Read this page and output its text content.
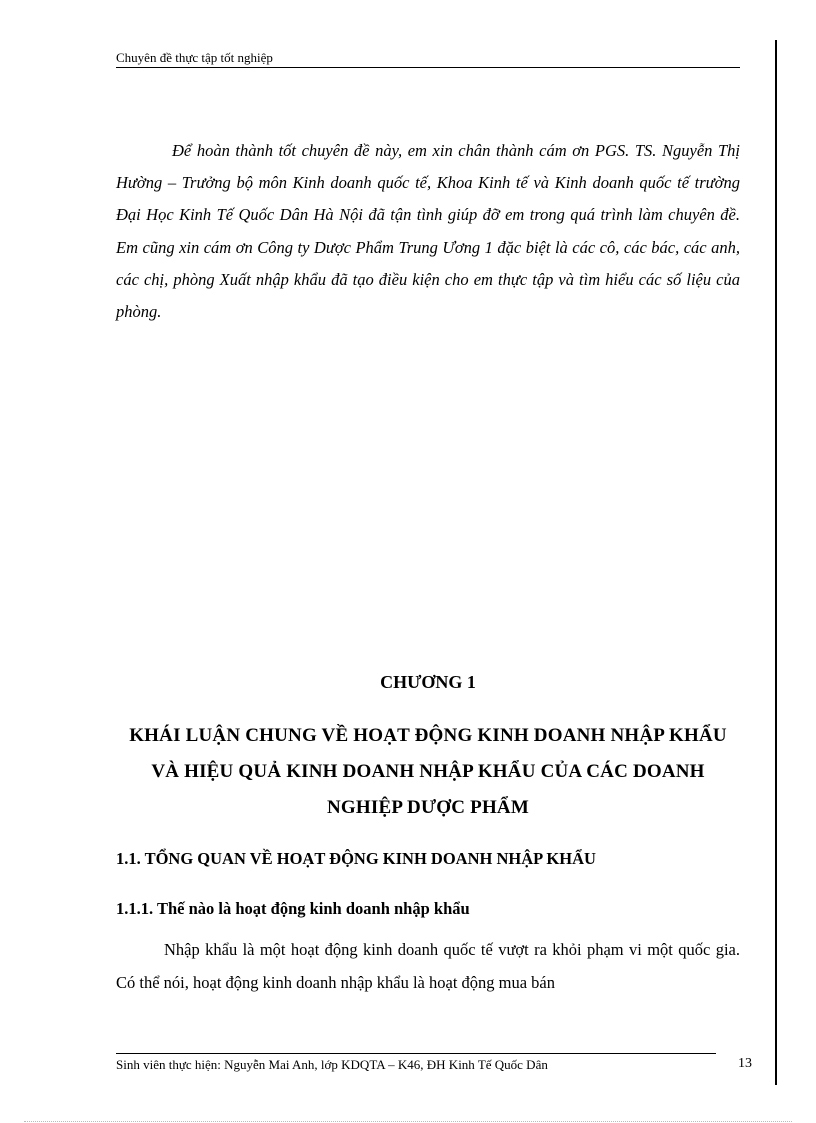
Chuyên đề thực tập tốt nghiệp

Để hoàn thành tốt chuyên đề này, em xin chân thành cám ơn PGS. TS. Nguyễn Thị Hường – Trưởng bộ môn Kinh doanh quốc tế, Khoa Kinh tế và Kinh doanh quốc tế trường Đại Học Kinh Tế Quốc Dân Hà Nội đã tận tình giúp đỡ em trong quá trình làm chuyên đề. Em cũng xin cám ơn Công ty Dược Phẩm Trung Ương 1 đặc biệt là các cô, các bác, các anh, các chị, phòng Xuất nhập khẩu đã tạo điều kiện cho em thực tập và tìm hiểu các số liệu của phòng.

CHƯƠNG 1
KHÁI LUẬN CHUNG VỀ HOẠT ĐỘNG KINH DOANH NHẬP KHẨU VÀ HIỆU QUẢ KINH DOANH NHẬP KHẨU CỦA CÁC DOANH NGHIỆP DƯỢC PHẨM
1.1. TỔNG QUAN VỀ HOẠT ĐỘNG KINH DOANH NHẬP KHẨU
1.1.1. Thế nào là hoạt động kinh doanh nhập khẩu

Nhập khẩu là một hoạt động kinh doanh quốc tế vượt ra khỏi phạm vi một quốc gia. Có thể nói, hoạt động kinh doanh nhập khẩu là hoạt động mua bán

Sinh viên thực hiện: Nguyễn Mai Anh, lớp KDQTA – K46, ĐH Kinh Tế Quốc Dân	13
